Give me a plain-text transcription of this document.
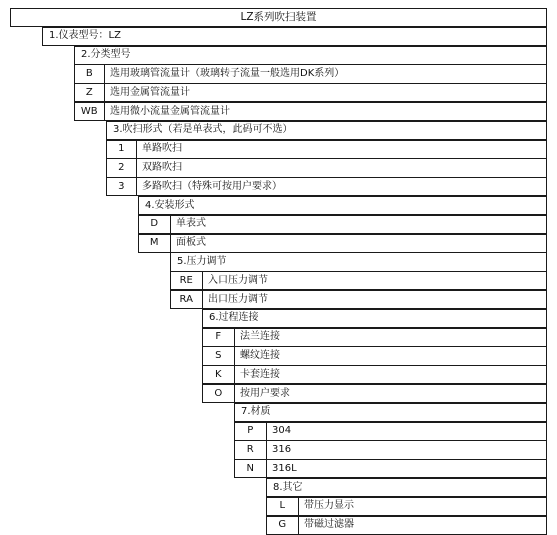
LZ系列吹扫装置
1.仪表型号：LZ
2.分类型号
B	选用玻璃管流量计（玻璃转子流量一般选用DK系列）
Z	选用金属管流量计
WB	选用微小流量金属管流量计
3.吹扫形式（若是单表式，此码可不选）
1	单路吹扫
2	双路吹扫
3	多路吹扫（特殊可按用户要求）
4.安装形式
D	单表式
M	面板式
5.压力调节
RE	入口压力调节
RA	出口压力调节
6.过程连接
F	法兰连接
S	螺纹连接
K	卡套连接
O	按用户要求
7.材质
P	304
R	316
N	316L
8.其它
L	带压力显示
G	带磁过滤器
